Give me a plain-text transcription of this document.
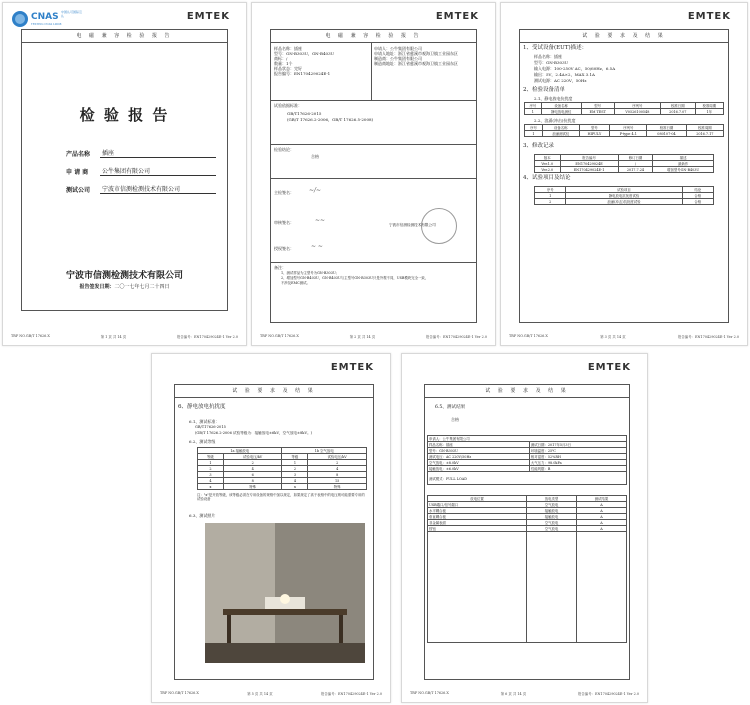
CNAS 中国认可国际互认
TESTING CNAS L0008
EMTEK
电 磁 兼 容 检 验 报 告
检 验 报 告
产品名称	插座
申 请 商	公牛集团有限公司
测试公司	宁波市信测检测技术有限公司
宁波市信测检测技术有限公司
报告签发日期：二〇一七年七月二十四日
TRF NO.GB/T 17626.X	第 1 页 共 14 页	报告编号：EN170429024E-1 Ver 2.0
EMTEK
电 磁 兼 容 检 验 报 告
样品名称：插座
型号：GN-B303U，GN-B403U
商标：/
数量：1个
样品状态：完好
报告编号：EN170429024E-1
申请人：公牛集团有限公司
申请人地址：浙江省慈溪市观海卫镇工业园东区
制造商：公牛集团有限公司
制造商地址：浙江省慈溪市观海卫镇工业园东区
试验依据标准：
GB/T17626-2015
(GB/T 17626.2-2006，GB/T 17626.5-2008)
检验结论：
合格
主检签名：	~/~
审核签名：	~~
授权签名：	~ ~
宁波市信测检测技术有限公司
备注：
1、测试样品为主型号为GN-B303U；
2、增加型号GN-B403U，GN-B403U与主型号GN-B303U只是外观不同，USB模块完全一致，
不涉及EMC测试。
TRF NO.GB/T 17626.X	第 2 页 共 14 页	报告编号：EN170429024E-1 Ver 2.0
EMTEK
试 验 要 求 及 结 果
1、受试设备(EUT)描述：
样品名称：插座
型号：GN-B303U
输入电源：100-250V AC，50/60Hz，6.5A
输出：5V，2.4A×2，MAX 3.1A
测试电源：AC 220V，50Hz
2、检验设备清单
2.1、静电放电抗扰度
序号	设备名称	型号	序列号	校准日期	校准周期
1	静电放电测仪	EM TEST	V0526100548	2016.7.07	1年
2.2、浪涌(冲击)抗扰度
序号	设备名称	型号	序列号	校准日期	校准周期
1	浪涌测试仪	HIPULY	P-type 4.1	080107-04	2016.7.17
3、修改记录
版本	报告编号	修订日期	描述
Ver.1.0	EN170429024E	/	最新作
Ver.2.0	EN170429024E-1	2017.7.24	增加型号GN-B403U
4、试验项目及结论
序号	试验项目	结论
1	静电放电抗扰度试验	合格
2	浪涌(冲击)抗扰度试验	合格
TRF NO.GB/T 17626.X	第 3 页 共 14 页	报告编号：EN170429024E-1 Ver 2.0
EMTEK
试 验 要 求 及 结 果
6、静电放电抗扰度
6.1、测试标准：
GB/T17626-2015
(GB/T 17626.2-2006 试验等级为：接触放电±6kV，空气放电±8kV。)
6.2、测试等级
1a 接触放电		1b 空气放电	
等级	试验电压/kV	等级	试验电压/kV
1	2	1	2
2	4	2	4
3	6	3	8
4	8	4	15
x	特殊	x	特殊
注："x"是开放等级，该等级必须在专用设备的规格中加以规定，如果规定了高于表格中的电压则可能需要专用的试验设备
6.3、测试照片
TRF NO.GB/T 17626.X	第 5 页 共 14 页	报告编号：EN170429024E-1 Ver 2.0
EMTEK
试 验 要 求 及 结 果
6.5、测试结果
合格
申请人：公牛集团有限公司	
样品名称：插座	测试日期：2017年5月3日
型号：GN-B303U	环境温度：25℃
测试电压：AC 220V/50Hz	相对湿度：52%RH
空气放电：±8.0kV	大气压力：98.0kPa
接触放电：±6.0kV	性能判据：B
测试模式：FULL LOAD	
放电位置	放电类型	测试结果
USB端口/信号端口	空气放电	A
水平耦合板	接触放电	A
垂直耦合板	接触放电	A
非金属表面	空气放电	A
按钮	空气放电	A

TRF NO.GB/T 17626.X	第 6 页 共 14 页	报告编号：EN170429024E-1 Ver 2.0
